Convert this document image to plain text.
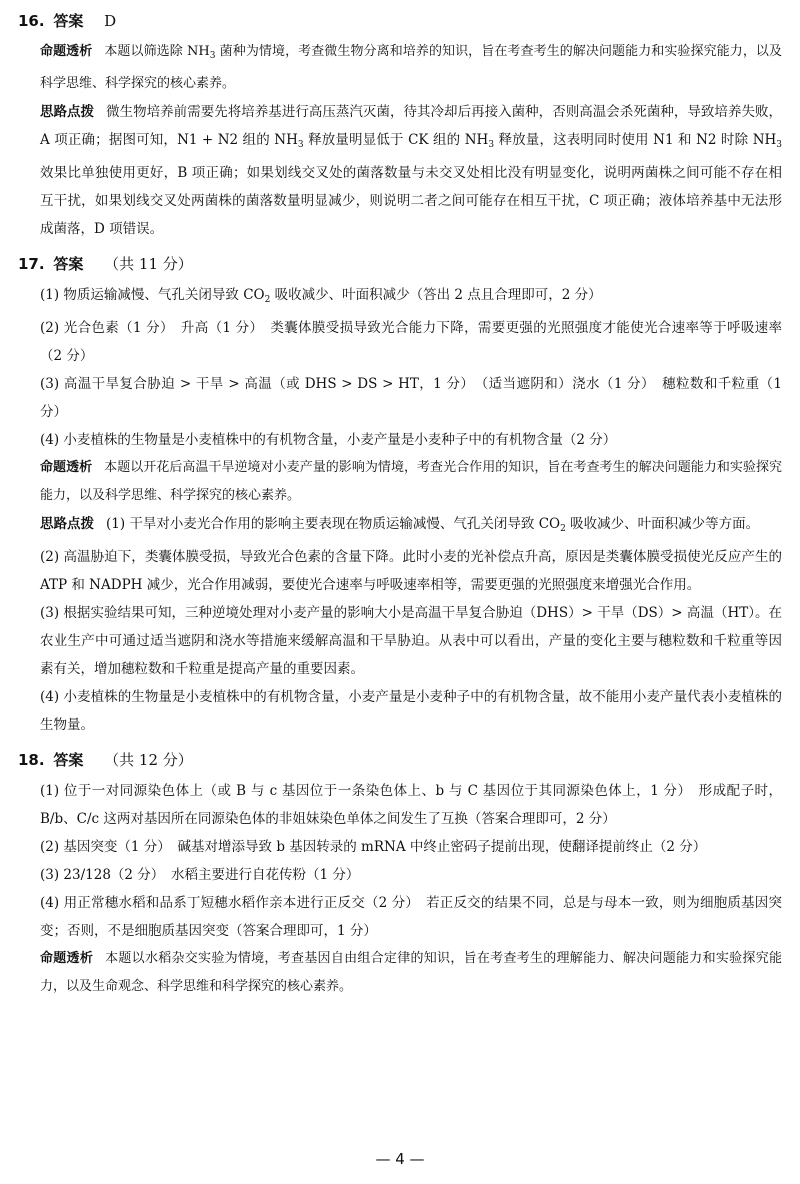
16. 答案 D

命题透析 本题以筛选除 $NH_3$ 菌种为情境，考查微生物分离和培养的知识，旨在考查考生的解决问题能力和实验探究能力，以及科学思维、科学探究的核心素养。

思路点拨 微生物培养前需要先将培养基进行高压蒸汽灭菌，待其冷却后再接入菌种，否则高温会杀死菌种，导致培养失败，A 项正确；据图可知，N1 + N2 组的 $NH_3$ 释放量明显低于 CK 组的 $NH_3$ 释放量，这表明同时使用 N1 和 N2 时除 $NH_3$ 效果比单独使用更好，B 项正确；如果划线交叉处的菌落数量与未交叉处相比没有明显变化，说明两菌株之间可能不存在相互干扰，如果划线交叉处两菌株的菌落数量明显减少，则说明二者之间可能存在相互干扰，C 项正确；液体培养基中无法形成菌落，D 项错误。

17. 答案 （共 11 分）

(1) 物质运输减慢、气孔关闭导致 $CO_2$ 吸收减少、叶面积减少（答出 2 点且合理即可，2 分）

(2) 光合色素（1 分）　升高（1 分）　类囊体膜受损导致光合能力下降，需要更强的光照强度才能使光合速率等于呼吸速率（2 分）

(3) 高温干旱复合胁迫 > 干旱 > 高温（或 DHS > DS > HT，1 分）　（适当遮阴和）浇水（1 分）　穗粒数和千粒重（1 分）

(4) 小麦植株的生物量是小麦植株中的有机物含量，小麦产量是小麦种子中的有机物含量（2 分）

命题透析 本题以开花后高温干旱逆境对小麦产量的影响为情境，考查光合作用的知识，旨在考查考生的解决问题能力和实验探究能力，以及科学思维、科学探究的核心素养。

思路点拨 (1) 干旱对小麦光合作用的影响主要表现在物质运输减慢、气孔关闭导致 $CO_2$ 吸收减少、叶面积减少等方面。

(2) 高温胁迫下，类囊体膜受损，导致光合色素的含量下降。此时小麦的光补偿点升高，原因是类囊体膜受损使光反应产生的 ATP 和 NADPH 减少，光合作用减弱，要使光合速率与呼吸速率相等，需要更强的光照强度来增强光合作用。

(3) 根据实验结果可知，三种逆境处理对小麦产量的影响大小是高温干旱复合胁迫（DHS）> 干旱（DS）> 高温（HT）。在农业生产中可通过适当遮阴和浇水等措施来缓解高温和干旱胁迫。从表中可以看出，产量的变化主要与穗粒数和千粒重等因素有关，增加穗粒数和千粒重是提高产量的重要因素。

(4) 小麦植株的生物量是小麦植株中的有机物含量，小麦产量是小麦种子中的有机物含量，故不能用小麦产量代表小麦植株的生物量。

18. 答案 （共 12 分）

(1) 位于一对同源染色体上（或 B 与 c 基因位于一条染色体上、b 与 C 基因位于其同源染色体上，1 分）　形成配子时，B/b、C/c 这两对基因所在同源染色体的非姐妹染色单体之间发生了互换（答案合理即可，2 分）

(2) 基因突变（1 分）　碱基对增添导致 b 基因转录的 mRNA 中终止密码子提前出现，使翻译提前终止（2 分）

(3) 23/128（2 分）　水稻主要进行自花传粉（1 分）

(4) 用正常穗水稻和品系丁短穗水稻作亲本进行正反交（2 分）　若正反交的结果不同，总是与母本一致，则为细胞质基因突变；否则，不是细胞质基因突变（答案合理即可，1 分）

命题透析 本题以水稻杂交实验为情境，考查基因自由组合定律的知识，旨在考查考生的理解能力、解决问题能力和实验探究能力，以及生命观念、科学思维和科学探究的核心素养。

— 4 —
